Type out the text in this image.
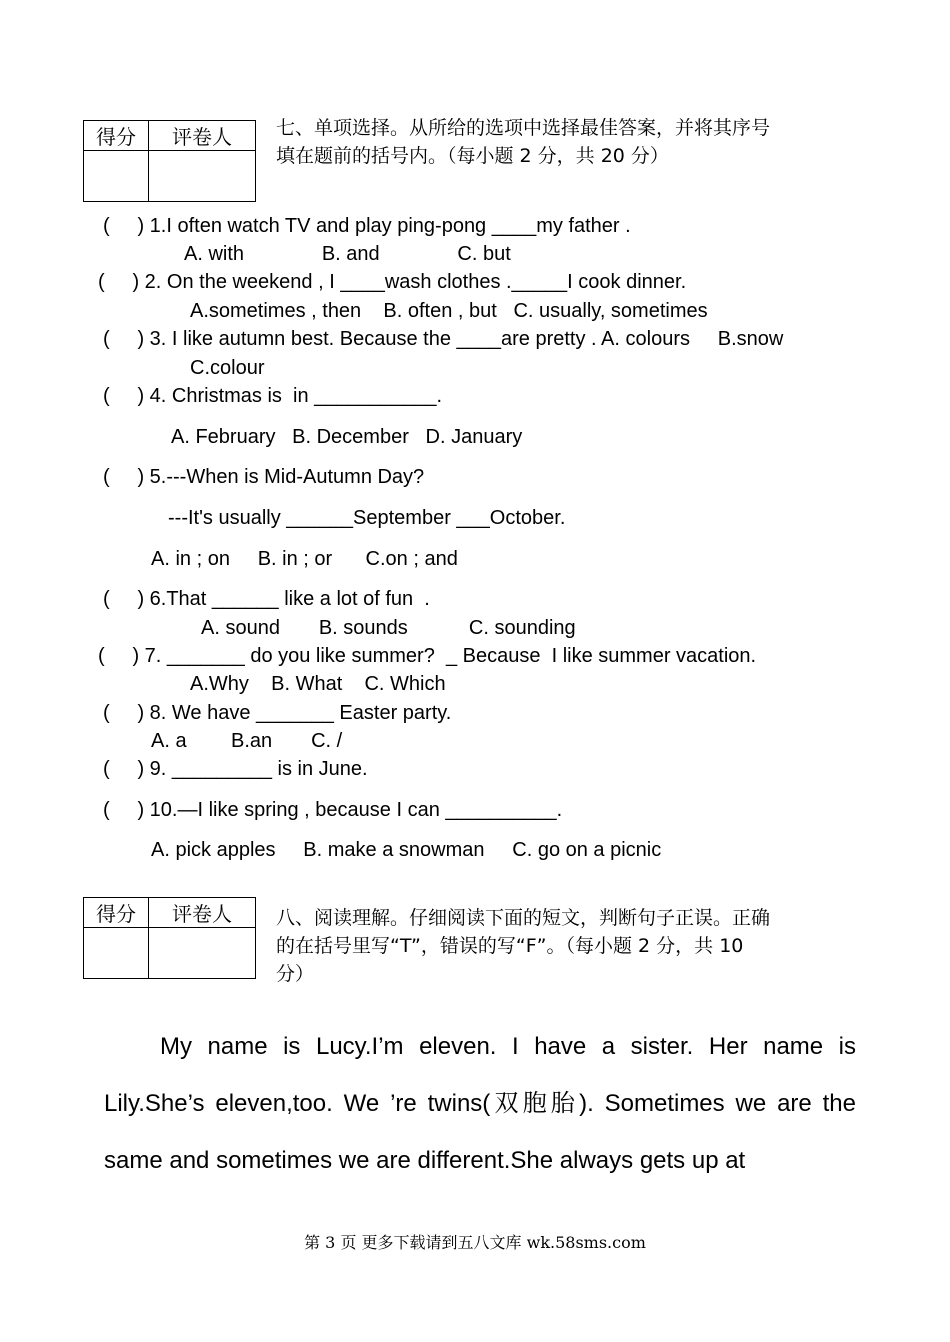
得分	评卷人
	七、单项选择。从所给的选项中选择最佳答案，并将其序号
填在题前的括号内。（每小题 2 分，共 20 分）
(     ) 1.I often watch TV and play ping-pong ____my father .
A. with              B. and              C. but
(     ) 2. On the weekend , I ____wash clothes ._____I cook dinner.
A.sometimes , then    B. often , but   C. usually, sometimes
(     ) 3. I like autumn best. Because the ____are pretty . A. colours     B.snow
C.colour
(     ) 4. Christmas is  in ___________.
A. February   B. December   D. January
(     ) 5.---When is Mid-Autumn Day?
---It's usually ______September ___October.
A. in ; on     B. in ; or      C.on ; and
(     ) 6.That ______ like a lot of fun  .
A. sound       B. sounds           C. sounding
(     ) 7. _______ do you like summer?  _ Because  I like summer vacation.
A.Why    B. What    C. Which
(     ) 8. We have _______ Easter party.
A. a        B.an       C. /
(     ) 9. _________ is in June.
(     ) 10.—I like spring , because I can __________.
A. pick apples     B. make a snowman     C. go on a picnic
得分	评卷人
	八、阅读理解。仔细阅读下面的短文，判断句子正误。正确
的在括号里写“T”，错误的写“F”。（每小题 2 分，共 10
分）
My name is Lucy.I’m eleven. I have a sister. Her name is Lily.She’s eleven,too. We ’re twins(双胞胎). Sometimes we are the same and sometimes we are different.She always gets up at
第 3 页 更多下载请到五八文库 wk.58sms.com
